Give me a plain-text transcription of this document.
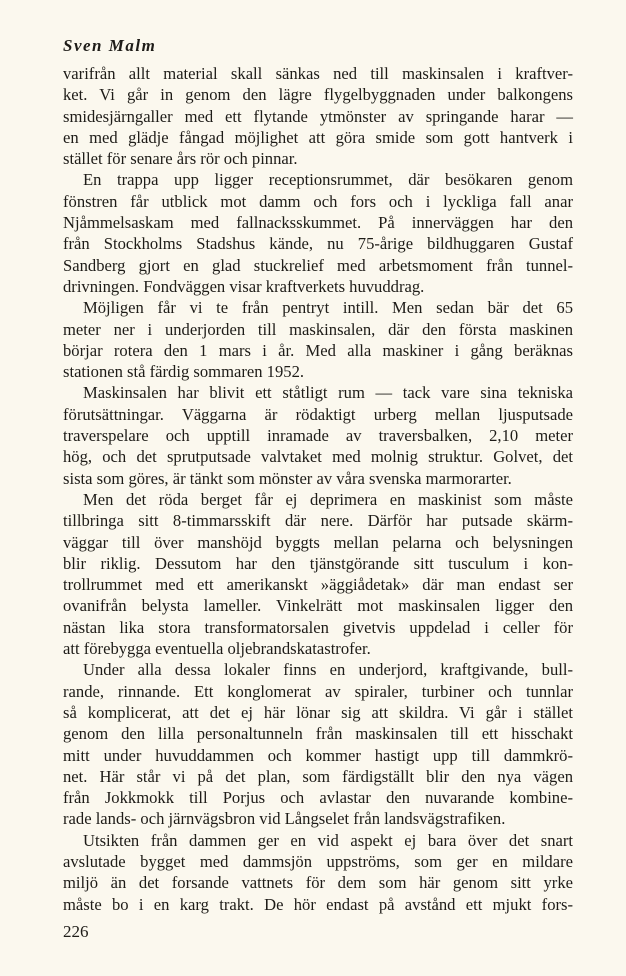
Sven Malm

varifrån allt material skall sänkas ned till maskinsalen i kraftver-
ket. Vi går in genom den lägre flygelbyggnaden under balkongens
smidesjärngaller med ett flytande ytmönster av springande harar —
en med glädje fångad möjlighet att göra smide som gott hantverk i
stället för senare års rör och pinnar.

En trappa upp ligger receptionsrummet, där besökaren genom
fönstren får utblick mot damm och fors och i lyckliga fall anar
Njåmmelsaskam med fallnacksskummet. På innerväggen har den
från Stockholms Stadshus kände, nu 75-årige bildhuggaren Gustaf
Sandberg gjort en glad stuckrelief med arbetsmoment från tunnel-
drivningen. Fondväggen visar kraftverkets huvuddrag.

Möjligen får vi te från pentryt intill. Men sedan bär det 65
meter ner i underjorden till maskinsalen, där den första maskinen
börjar rotera den 1 mars i år. Med alla maskiner i gång beräknas
stationen stå färdig sommaren 1952.

Maskinsalen har blivit ett ståtligt rum — tack vare sina tekniska
förutsättningar. Väggarna är rödaktigt urberg mellan ljusputsade
traverspelare och upptill inramade av traversbalken, 2,10 meter
hög, och det sprutputsade valvtaket med molnig struktur. Golvet, det
sista som göres, är tänkt som mönster av våra svenska marmorarter.

Men det röda berget får ej deprimera en maskinist som måste
tillbringa sitt 8-timmarsskift där nere. Därför har putsade skärm-
väggar till över manshöjd byggts mellan pelarna och belysningen
blir riklig. Dessutom har den tjänstgörande sitt tusculum i kon-
trollrummet med ett amerikanskt »äggiådetak» där man endast ser
ovanifrån belysta lameller. Vinkelrätt mot maskinsalen ligger den
nästan lika stora transformatorsalen givetvis uppdelad i celler för
att förebygga eventuella oljebrandskatastrofer.

Under alla dessa lokaler finns en underjord, kraftgivande, bull-
rande, rinnande. Ett konglomerat av spiraler, turbiner och tunnlar
så komplicerat, att det ej här lönar sig att skildra. Vi går i stället
genom den lilla personaltunneln från maskinsalen till ett hisschakt
mitt under huvuddammen och kommer hastigt upp till dammkrö-
net. Här står vi på det plan, som färdigställt blir den nya vägen
från Jokkmokk till Porjus och avlastar den nuvarande kombine-
rade lands- och järnvägsbron vid Långselet från landsvägstrafiken.

Utsikten från dammen ger en vid aspekt ej bara över det snart
avslutade bygget med dammsjön uppströms, som ger en mildare
miljö än det forsande vattnets för dem som här genom sitt yrke
måste bo i en karg trakt. De hör endast på avstånd ett mjukt fors-

226
